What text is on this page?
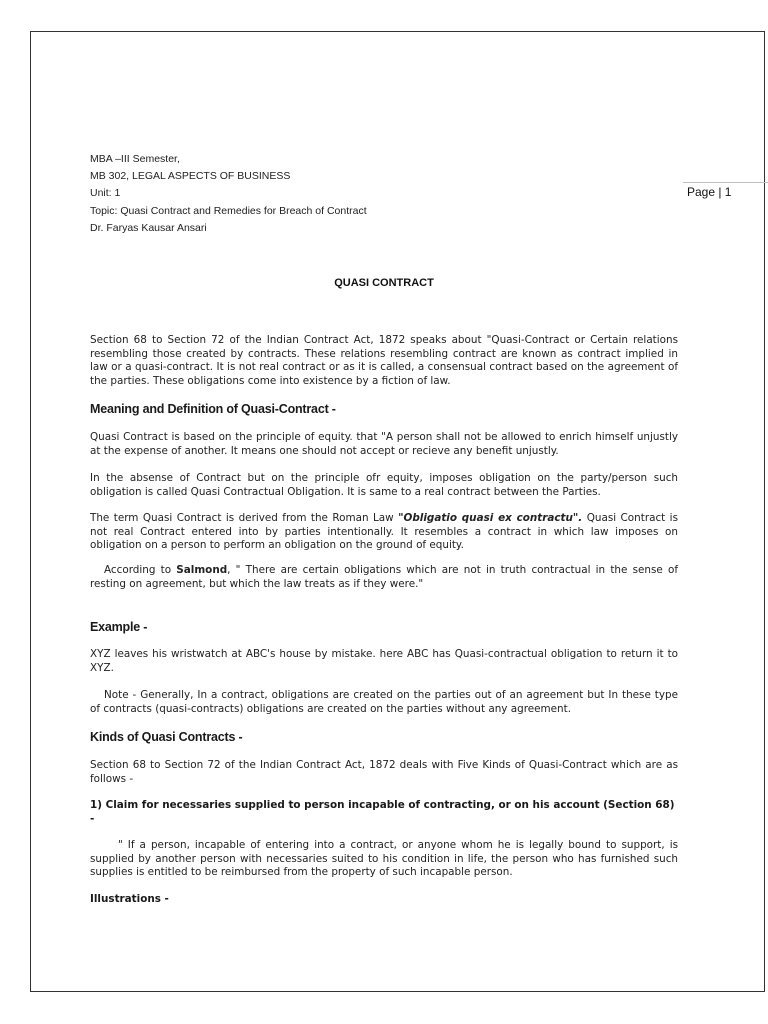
Page | 1
MBA –III Semester,
MB 302, LEGAL ASPECTS OF BUSINESS
Unit: 1
Topic: Quasi Contract and Remedies for Breach of Contract
Dr. Faryas Kausar Ansari
QUASI CONTRACT

Section 68 to Section 72 of the Indian Contract Act, 1872 speaks about "Quasi-Contract or Certain relations resembling those created by contracts. These relations resembling contract are known as contract implied in law or a quasi-contract. It is not real contract or as it is called, a consensual contract based on the agreement of the parties. These obligations come into existence by a fiction of law.

Meaning and Definition of Quasi-Contract -

Quasi Contract is based on the principle of equity. that "A person shall not be allowed to enrich himself unjustly at the expense of another. It means one should not accept or recieve any benefit unjustly.

In the absense of Contract but on the principle ofr equity, imposes obligation on the party/person such obligation is called Quasi Contractual Obligation. It is same to a real contract between the Parties.

The term Quasi Contract is derived from the Roman Law "Obligatio quasi ex contractu". Quasi Contract is not real Contract entered into by parties intentionally. It resembles a contract in which law imposes on obligation on a person to perform an obligation on the ground of equity.

According to Salmond, " There are certain obligations which are not in truth contractual in the sense of resting on agreement, but which the law treats as if they were."

Example -

XYZ leaves his wristwatch at ABC's house by mistake. here ABC has Quasi-contractual obligation to return it to XYZ.

Note - Generally, In a contract, obligations are created on the parties out of an agreement but In these type of contracts (quasi-contracts) obligations are created on the parties without any agreement.

Kinds of Quasi Contracts -

Section 68 to Section 72 of the Indian Contract Act, 1872 deals with Five Kinds of Quasi-Contract which are as follows -

1) Claim for necessaries supplied to person incapable of contracting, or on his account (Section 68) -

" If a person, incapable of entering into a contract, or anyone whom he is legally bound to support, is supplied by another person with necessaries suited to his condition in life, the person who has furnished such supplies is entitled to be reimbursed from the property of such incapable person.

Illustrations -
